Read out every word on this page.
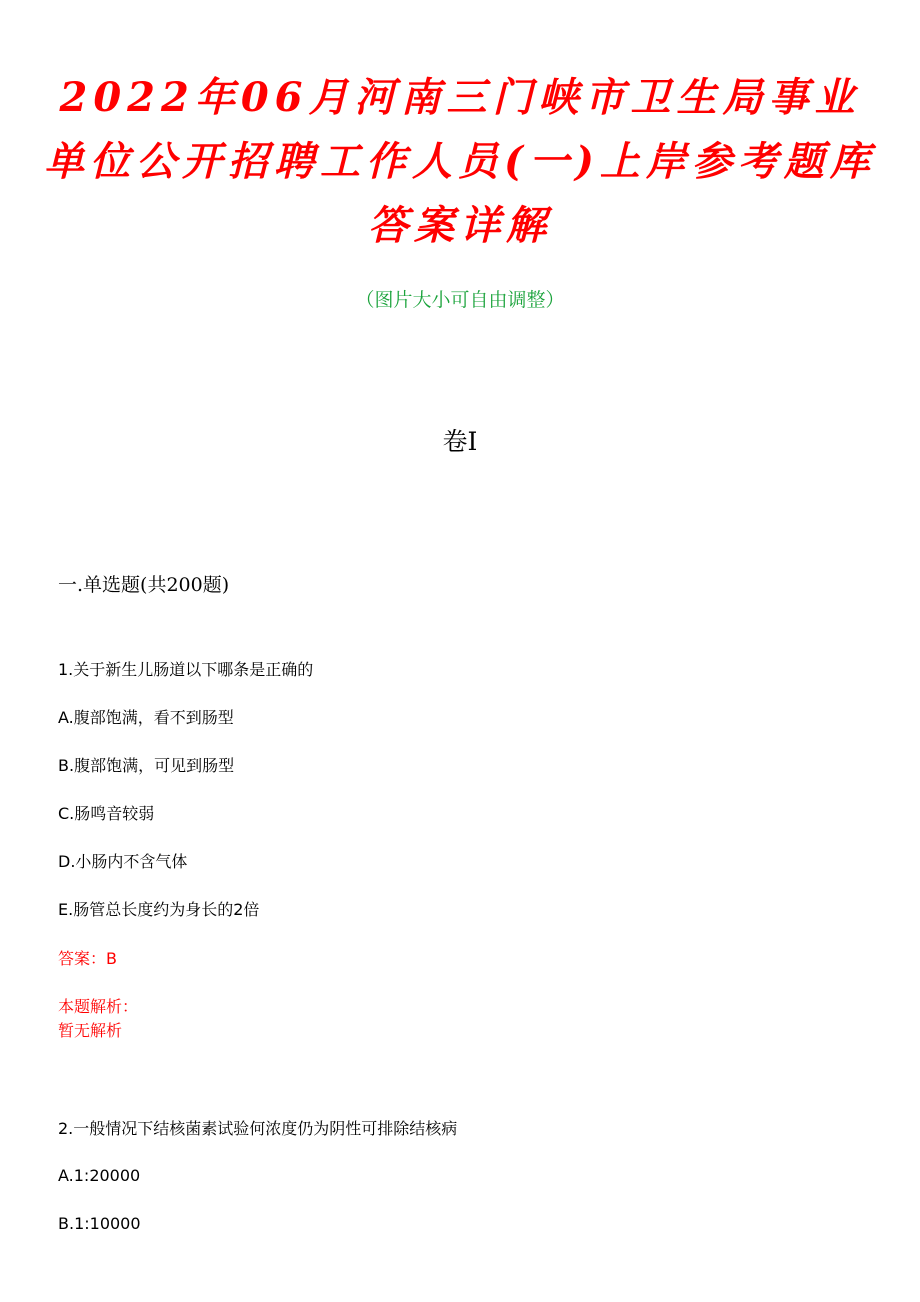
2022年06月河南三门峡市卫生局事业单位公开招聘工作人员(一)上岸参考题库答案详解
（图片大小可自由调整）
卷I
一.单选题(共200题)

1.关于新生儿肠道以下哪条是正确的

A.腹部饱满，看不到肠型

B.腹部饱满，可见到肠型

C.肠鸣音较弱

D.小肠内不含气体

E.肠管总长度约为身长的2倍

答案：B

本题解析：

暂无解析

2.一般情况下结核菌素试验何浓度仍为阴性可排除结核病

A.1:20000

B.1:10000
